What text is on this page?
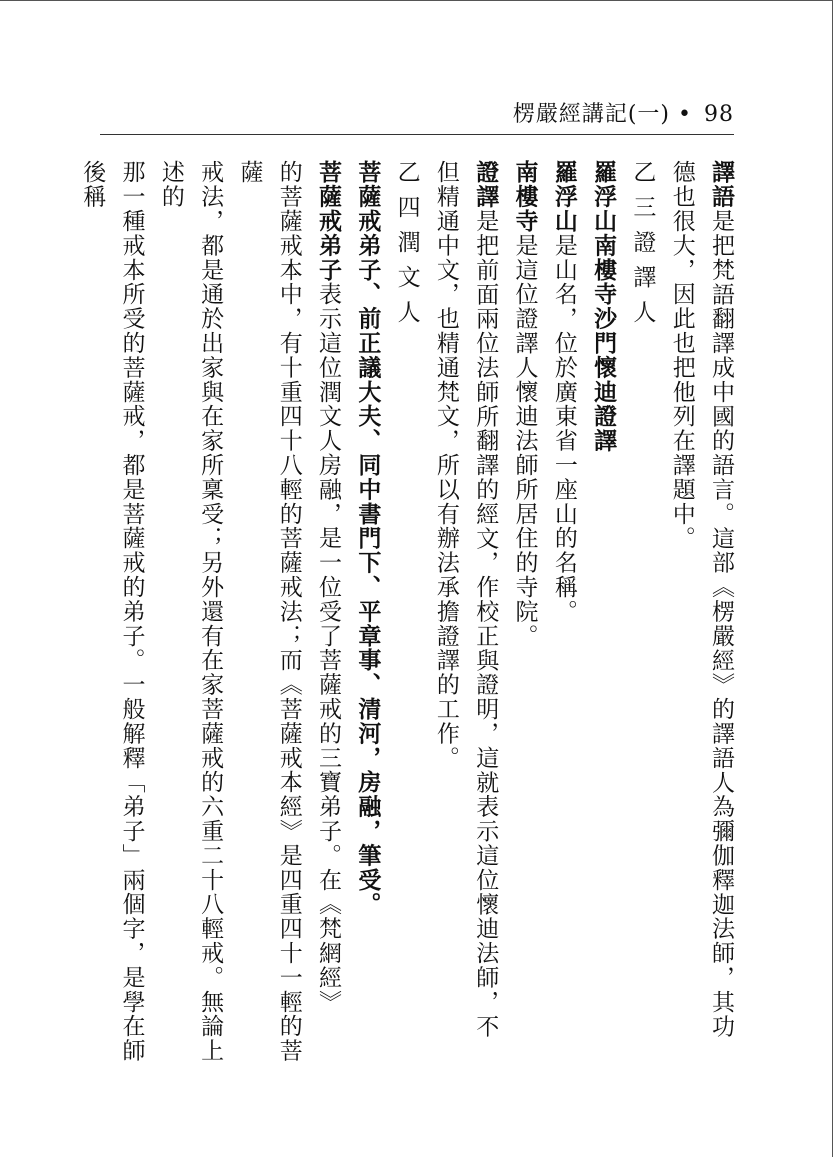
楞嚴經講記(一) • 98

譯語是把梵語翻譯成中國的語言。這部《楞嚴經》的譯語人為彌伽釋迦法師，其功

德也很大，因此也把他列在譯題中。

乙三證譯人

羅浮山南樓寺沙門懷迪證譯

羅浮山是山名，位於廣東省一座山的名稱。

南樓寺是這位證譯人懷迪法師所居住的寺院。

證譯是把前面兩位法師所翻譯的經文，作校正與證明，這就表示這位懷迪法師，不

但精通中文，也精通梵文，所以有辦法承擔證譯的工作。

乙四潤文人

菩薩戒弟子、前正議大夫、同中書門下、平章事、清河，房融，筆受。

菩薩戒弟子表示這位潤文人房融，是一位受了菩薩戒的三寶弟子。在《梵網經》

的菩薩戒本中，有十重四十八輕的菩薩戒法；而《菩薩戒本經》是四重四十一輕的菩薩

戒法，都是通於出家與在家所稟受；另外還有在家菩薩戒的六重二十八輕戒。無論上述的

那一種戒本所受的菩薩戒，都是菩薩戒的弟子。一般解釋「弟子」兩個字，是學在師後稱
